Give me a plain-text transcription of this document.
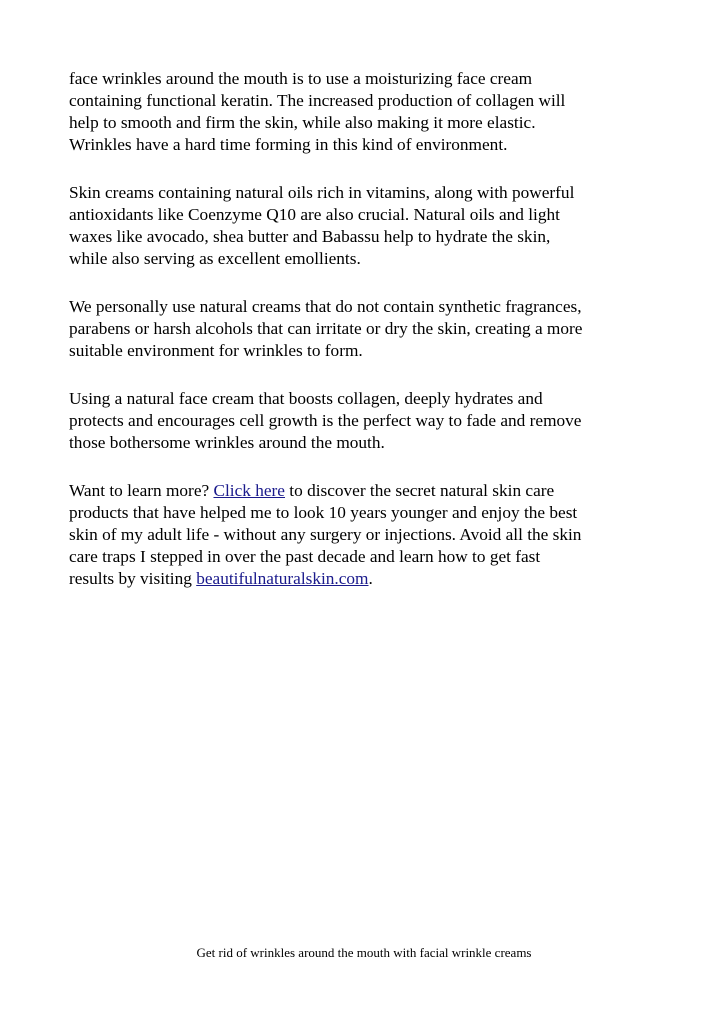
face wrinkles around the mouth is to use a moisturizing face cream
containing functional keratin. The increased production of collagen will
help to smooth and firm the skin, while also making it more elastic.
Wrinkles have a hard time forming in this kind of environment.

Skin creams containing natural oils rich in vitamins, along with powerful
antioxidants like Coenzyme Q10 are also crucial. Natural oils and light
waxes like avocado, shea butter and Babassu help to hydrate the skin,
while also serving as excellent emollients.

We personally use natural creams that do not contain synthetic fragrances,
parabens or harsh alcohols that can irritate or dry the skin, creating a more
suitable environment for wrinkles to form.

Using a natural face cream that boosts collagen, deeply hydrates and
protects and encourages cell growth is the perfect way to fade and remove
those bothersome wrinkles around the mouth.

Want to learn more? Click here to discover the secret natural skin care
products that have helped me to look 10 years younger and enjoy the best
skin of my adult life - without any surgery or injections. Avoid all the skin
care traps I stepped in over the past decade and learn how to get fast
results by visiting beautifulnaturalskin.com.

Get rid of wrinkles around the mouth with facial wrinkle creams
